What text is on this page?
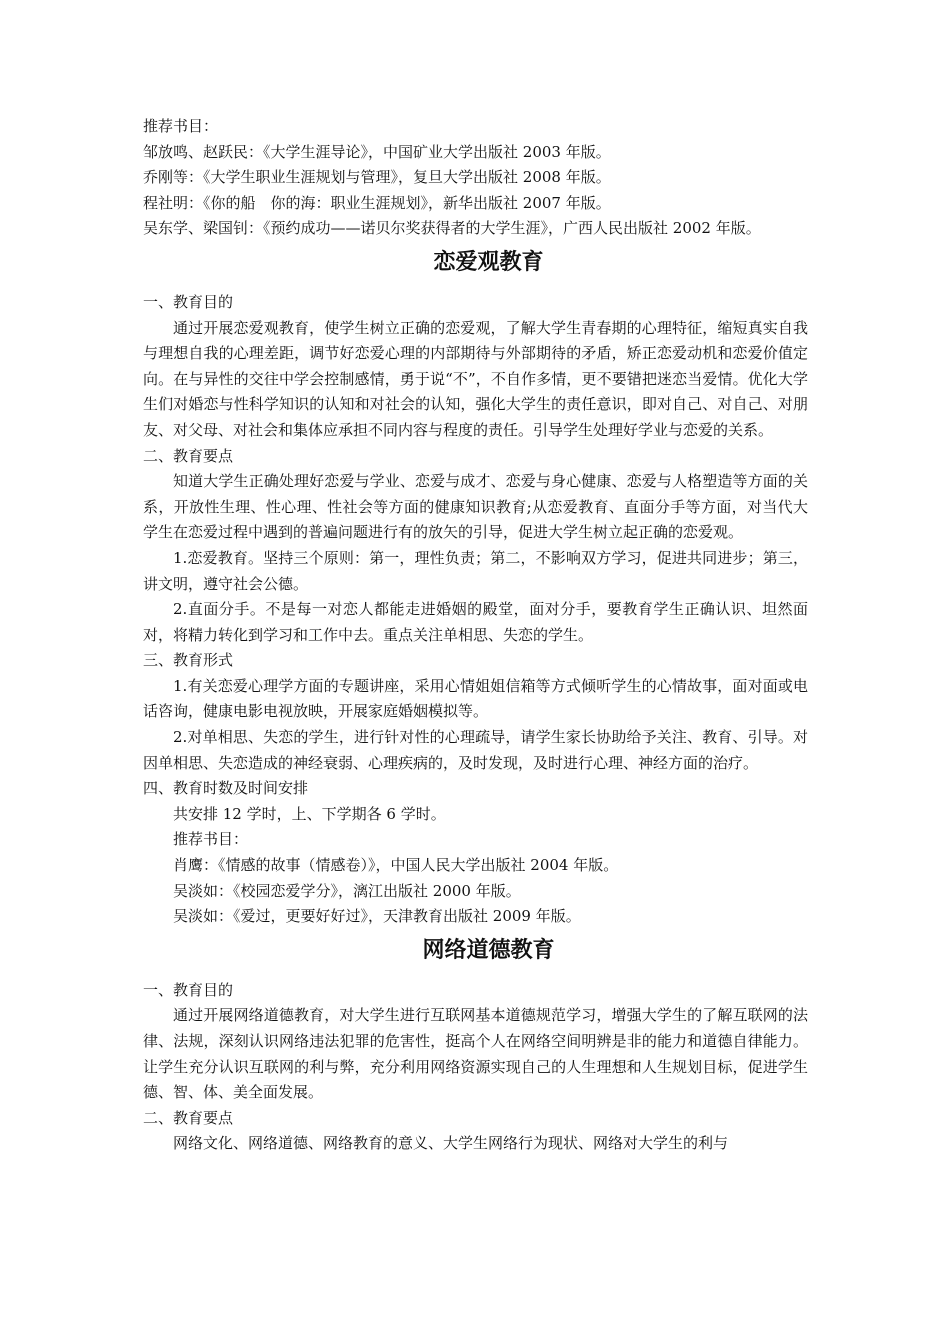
推荐书目：

邹放鸣、赵跃民：《大学生涯导论》，中国矿业大学出版社 2003 年版。

乔刚等：《大学生职业生涯规划与管理》，复旦大学出版社 2008 年版。

程社明：《你的船　你的海：职业生涯规划》，新华出版社 2007 年版。

吴东学、梁国钊：《预约成功——诺贝尔奖获得者的大学生涯》，广西人民出版社 2002 年版。

恋爱观教育

一、教育目的

通过开展恋爱观教育，使学生树立正确的恋爱观，了解大学生青春期的心理特征，缩短真实自我与理想自我的心理差距，调节好恋爱心理的内部期待与外部期待的矛盾，矫正恋爱动机和恋爱价值定向。在与异性的交往中学会控制感情，勇于说“不”，不自作多情，更不要错把迷恋当爱情。优化大学生们对婚恋与性科学知识的认知和对社会的认知，强化大学生的责任意识，即对自己、对自己、对朋友、对父母、对社会和集体应承担不同内容与程度的责任。引导学生处理好学业与恋爱的关系。

二、教育要点

知道大学生正确处理好恋爱与学业、恋爱与成才、恋爱与身心健康、恋爱与人格塑造等方面的关系，开放性生理、性心理、性社会等方面的健康知识教育;从恋爱教育、直面分手等方面，对当代大学生在恋爱过程中遇到的普遍问题进行有的放矢的引导，促进大学生树立起正确的恋爱观。

1.恋爱教育。坚持三个原则：第一，理性负责；第二，不影响双方学习，促进共同进步；第三，讲文明，遵守社会公德。

2.直面分手。不是每一对恋人都能走进婚姻的殿堂，面对分手，要教育学生正确认识、坦然面对，将精力转化到学习和工作中去。重点关注单相思、失恋的学生。

三、教育形式

1.有关恋爱心理学方面的专题讲座，采用心情姐姐信箱等方式倾听学生的心情故事，面对面或电话咨询，健康电影电视放映，开展家庭婚姻模拟等。

2.对单相思、失恋的学生，进行针对性的心理疏导，请学生家长协助给予关注、教育、引导。对因单相思、失恋造成的神经衰弱、心理疾病的，及时发现，及时进行心理、神经方面的治疗。

四、教育时数及时间安排

共安排 12 学时，上、下学期各 6 学时。

推荐书目：

肖鹰：《情感的故事（情感卷）》，中国人民大学出版社 2004 年版。

吴淡如：《校园恋爱学分》，漓江出版社 2000 年版。

吴淡如：《爱过，更要好好过》，天津教育出版社 2009 年版。

网络道德教育

一、教育目的

通过开展网络道德教育，对大学生进行互联网基本道德规范学习，增强大学生的了解互联网的法律、法规，深刻认识网络违法犯罪的危害性，挺高个人在网络空间明辨是非的能力和道德自律能力。让学生充分认识互联网的利与弊，充分利用网络资源实现自己的人生理想和人生规划目标，促进学生德、智、体、美全面发展。

二、教育要点

网络文化、网络道德、网络教育的意义、大学生网络行为现状、网络对大学生的利与
